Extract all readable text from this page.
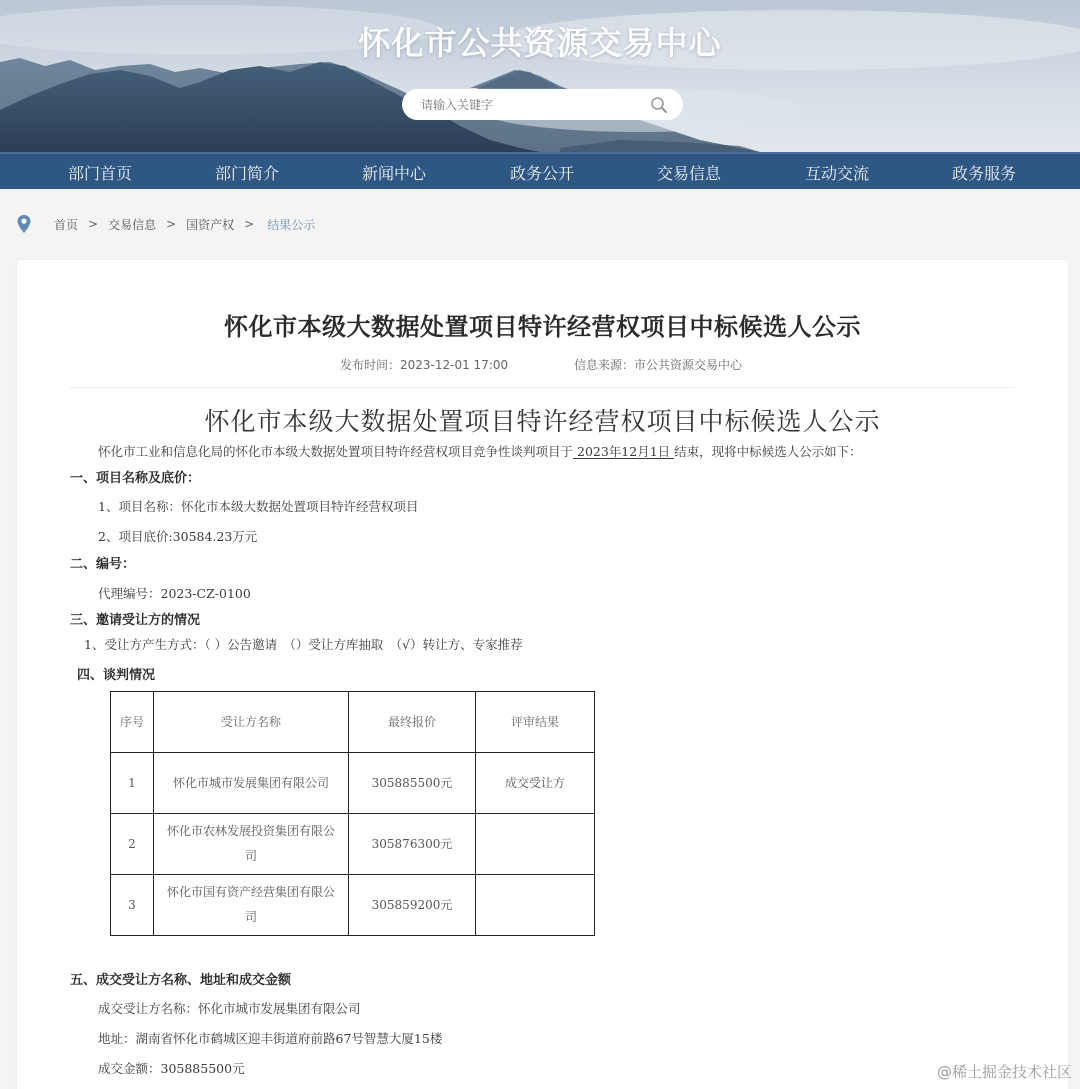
怀化市公共资源交易中心
请输入关键字
部门首页	部门简介	新闻中心	政务公开	交易信息	互动交流	政务服务
首页 > 交易信息 > 国资产权 > 结果公示
怀化市本级大数据处置项目特许经营权项目中标候选人公示
发布时间：2023-12-01 17:00	信息来源：市公共资源交易中心
怀化市本级大数据处置项目特许经营权项目中标候选人公示

怀化市工业和信息化局的怀化市本级大数据处置项目特许经营权项目竞争性谈判项目于 2023年12月1日 结束，现将中标候选人公示如下：

一、项目名称及底价：

1、项目名称：怀化市本级大数据处置项目特许经营权项目

2、项目底价:30584.23万元

二、编号：

代理编号：2023-CZ-0100

三、邀请受让方的情况

1、受让方产生方式：（ ）公告邀请　（）受让方库抽取　（√）转让方、专家推荐

四、谈判情况
序号	受让方名称	最终报价	评审结果
1	怀化市城市发展集团有限公司	305885500元	成交受让方
2	怀化市农林发展投资集团有限公司	305876300元	
3	怀化市国有资产经营集团有限公司	305859200元	
五、成交受让方名称、地址和成交金额

成交受让方名称：怀化市城市发展集团有限公司

地址：湖南省怀化市鹤城区迎丰街道府前路67号智慧大厦15楼

成交金额：305885500元	@稀土掘金技术社区
